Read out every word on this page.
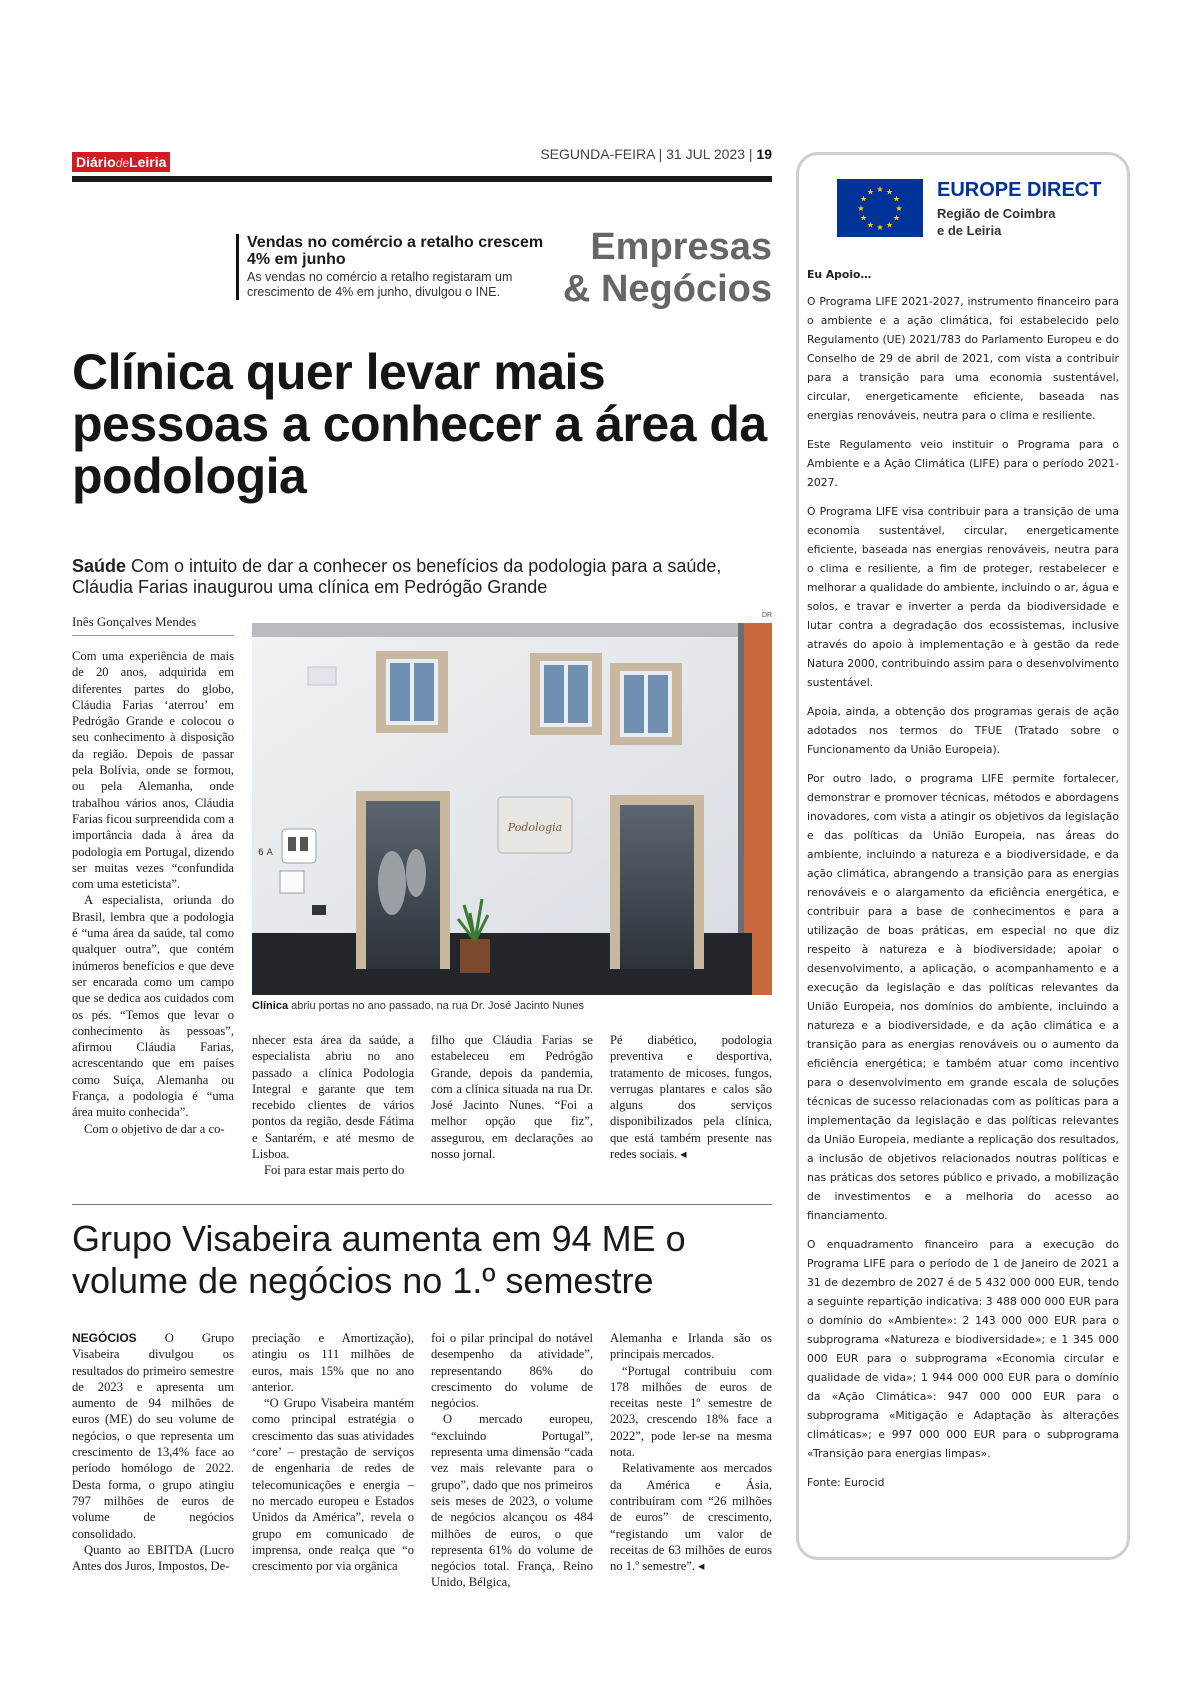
DiáriodeLeiria	SEGUNDA-FEIRA | 31 JUL 2023 | 19
Vendas no comércio a retalho crescem 4% em junho

As vendas no comércio a retalho registaram um crescimento de 4% em junho, divulgou o INE.

Empresas
& Negócios
Clínica quer levar mais pessoas a conhecer a área da podologia

Saúde Com o intuito de dar a conhecer os benefícios da podologia para a saúde, Cláudia Farias inaugurou uma clínica em Pedrógão Grande

Inês Gonçalves Mendes

Com uma experiência de mais de 20 anos, adquirida em diferentes partes do globo, Cláudia Farias ‘aterrou’ em Pedrógão Grande e colocou o seu conhecimento à disposição da região. Depois de passar pela Bolívia, onde se formou, ou pela Alemanha, onde trabalhou vários anos, Cláudia Farias ficou surpreendida com a importância dada à área da podologia em Portugal, dizendo ser muitas vezes “confundida com uma esteticista”.

A especialista, oriunda do Brasil, lembra que a podologia é “uma área da saúde, tal como qualquer outra”, que contém inúmeros benefícios e que deve ser encarada como um campo que se dedica aos cuidados com os pés. “Temos que levar o conhecimento às pessoas”, afirmou Cláudia Farias, acrescentando que em países como Suíça, Alemanha ou França, a podologia é “uma área muito conhecida”.

Com o objetivo de dar a co-

DR
Podologia
6 A
Clínica abriu portas no ano passado, na rua Dr. José Jacinto Nunes

nhecer esta área da saúde, a especialista abriu no ano passado a clínica Podologia Integral e garante que tem recebido clientes de vários pontos da região, desde Fátima e Santarém, e até mesmo de Lisboa.

Foi para estar mais perto do

filho que Cláudia Farias se estabeleceu em Pedrógão Grande, depois da pandemia, com a clínica situada na rua Dr. José Jacinto Nunes. “Foi a melhor opção que fiz”, assegurou, em declarações ao nosso jornal.

Pé diabético, podologia preventiva e desportiva, tratamento de micoses, fungos, verrugas plantares e calos são alguns dos serviços disponibilizados pela clínica, que está também presente nas redes sociais. ◂

Grupo Visabeira aumenta em 94 ME o volume de negócios no 1.º semestre

NEGÓCIOS O Grupo Visabeira divulgou os resultados do primeiro semestre de 2023 e apresenta um aumento de 94 milhões de euros (ME) do seu volume de negócios, o que representa um crescimento de 13,4% face ao período homólogo de 2022. Desta forma, o grupo atingiu 797 milhões de euros de volume de negócios consolidado.

Quanto ao EBITDA (Lucro Antes dos Juros, Impostos, De-

preciação e Amortização), atingiu os 111 milhões de euros, mais 15% que no ano anterior.

“O Grupo Visabeira mantém como principal estratégia o crescimento das suas atividades ‘core’ – prestação de serviços de engenharia de redes de telecomunicações e energia – no mercado europeu e Estados Unidos da América”, revela o grupo em comunicado de imprensa, onde realça que “o crescimento por via orgânica

foi o pilar principal do notável desempenho da atividade”, representando 86% do crescimento do volume de negócios.

O mercado europeu, “excluindo Portugal”, representa uma dimensão “cada vez mais relevante para o grupo”, dado que nos primeiros seis meses de 2023, o volume de negócios alcançou os 484 milhões de euros, o que representa 61% do volume de negócios total. França, Reino Unido, Bélgica,

Alemanha e Irlanda são os principais mercados.

“Portugal contribuiu com 178 milhões de euros de receitas neste 1º semestre de 2023, crescendo 18% face a 2022”, pode ler-se na mesma nota.

Relativamente aos mercados da América e Ásia, contribuíram com “26 milhões de euros” de crescimento, “registando um valor de receitas de 63 milhões de euros no 1.º semestre”. ◂

★ ★
★
★
★
★
★
★
★
★
★
★	EUROPE DIRECT
Região de Coimbra
e de Leiria

Eu Apoio…

O Programa LIFE 2021-2027, instrumento financeiro para o ambiente e a ação climática, foi estabelecido pelo Regulamento (UE) 2021/783 do Parlamento Europeu e do Conselho de 29 de abril de 2021, com vista a contribuir para a transição para uma economia sustentável, circular, energeticamente eficiente, baseada nas energias renováveis, neutra para o clima e resiliente.

Este Regulamento veio instituir o Programa para o Ambiente e a Ação Climática (LIFE) para o período 2021-2027.

O Programa LIFE visa contribuir para a transição de uma economia sustentável, circular, energeticamente eficiente, baseada nas energias renováveis, neutra para o clima e resiliente, a fim de proteger, restabelecer e melhorar a qualidade do ambiente, incluindo o ar, água e solos, e travar e inverter a perda da biodiversidade e lutar contra a degradação dos ecossistemas, inclusive através do apoio à implementação e à gestão da rede Natura 2000, contribuindo assim para o desenvolvimento sustentável.

Apoia, ainda, a obtenção dos programas gerais de ação adotados nos termos do TFUE (Tratado sobre o Funcionamento da União Europeia).

Por outro lado, o programa LIFE permite fortalecer, demonstrar e promover técnicas, métodos e abordagens inovadores, com vista a atingir os objetivos da legislação e das políticas da União Europeia, nas áreas do ambiente, incluindo a natureza e a biodiversidade, e da ação climática, abrangendo a transição para as energias renováveis e o alargamento da eficiência energética, e contribuir para a base de conhecimentos e para a utilização de boas práticas, em especial no que diz respeito à natureza e à biodiversidade; apoiar o desenvolvimento, a aplicação, o acompanhamento e a execução da legislação e das políticas relevantes da União Europeia, nos domínios do ambiente, incluindo a natureza e a biodiversidade, e da ação climática e a transição para as energias renováveis ou o aumento da eficiência energética; e também atuar como incentivo para o desenvolvimento em grande escala de soluções técnicas de sucesso relacionadas com as políticas para a implementação da legislação e das políticas relevantes da União Europeia, mediante a replicação dos resultados, a inclusão de objetivos relacionados noutras políticas e nas práticas dos setores público e privado, a mobilização de investimentos e a melhoria do acesso ao financiamento.

O enquadramento financeiro para a execução do Programa LIFE para o período de 1 de Janeiro de 2021 a 31 de dezembro de 2027 é de 5 432 000 000 EUR, tendo a seguinte repartição indicativa: 3 488 000 000 EUR para o domínio do «Ambiente»: 2 143 000 000 EUR para o subprograma «Natureza e biodiversidade»; e 1 345 000 000 EUR para o subprograma «Economia circular e qualidade de vida»; 1 944 000 000 EUR para o domínio da «Ação Climática»: 947 000 000 EUR para o subprograma «Mitigação e Adaptação às alterações climáticas»; e 997 000 000 EUR para o subprograma «Transição para energias limpas».

Fonte: Eurocid
